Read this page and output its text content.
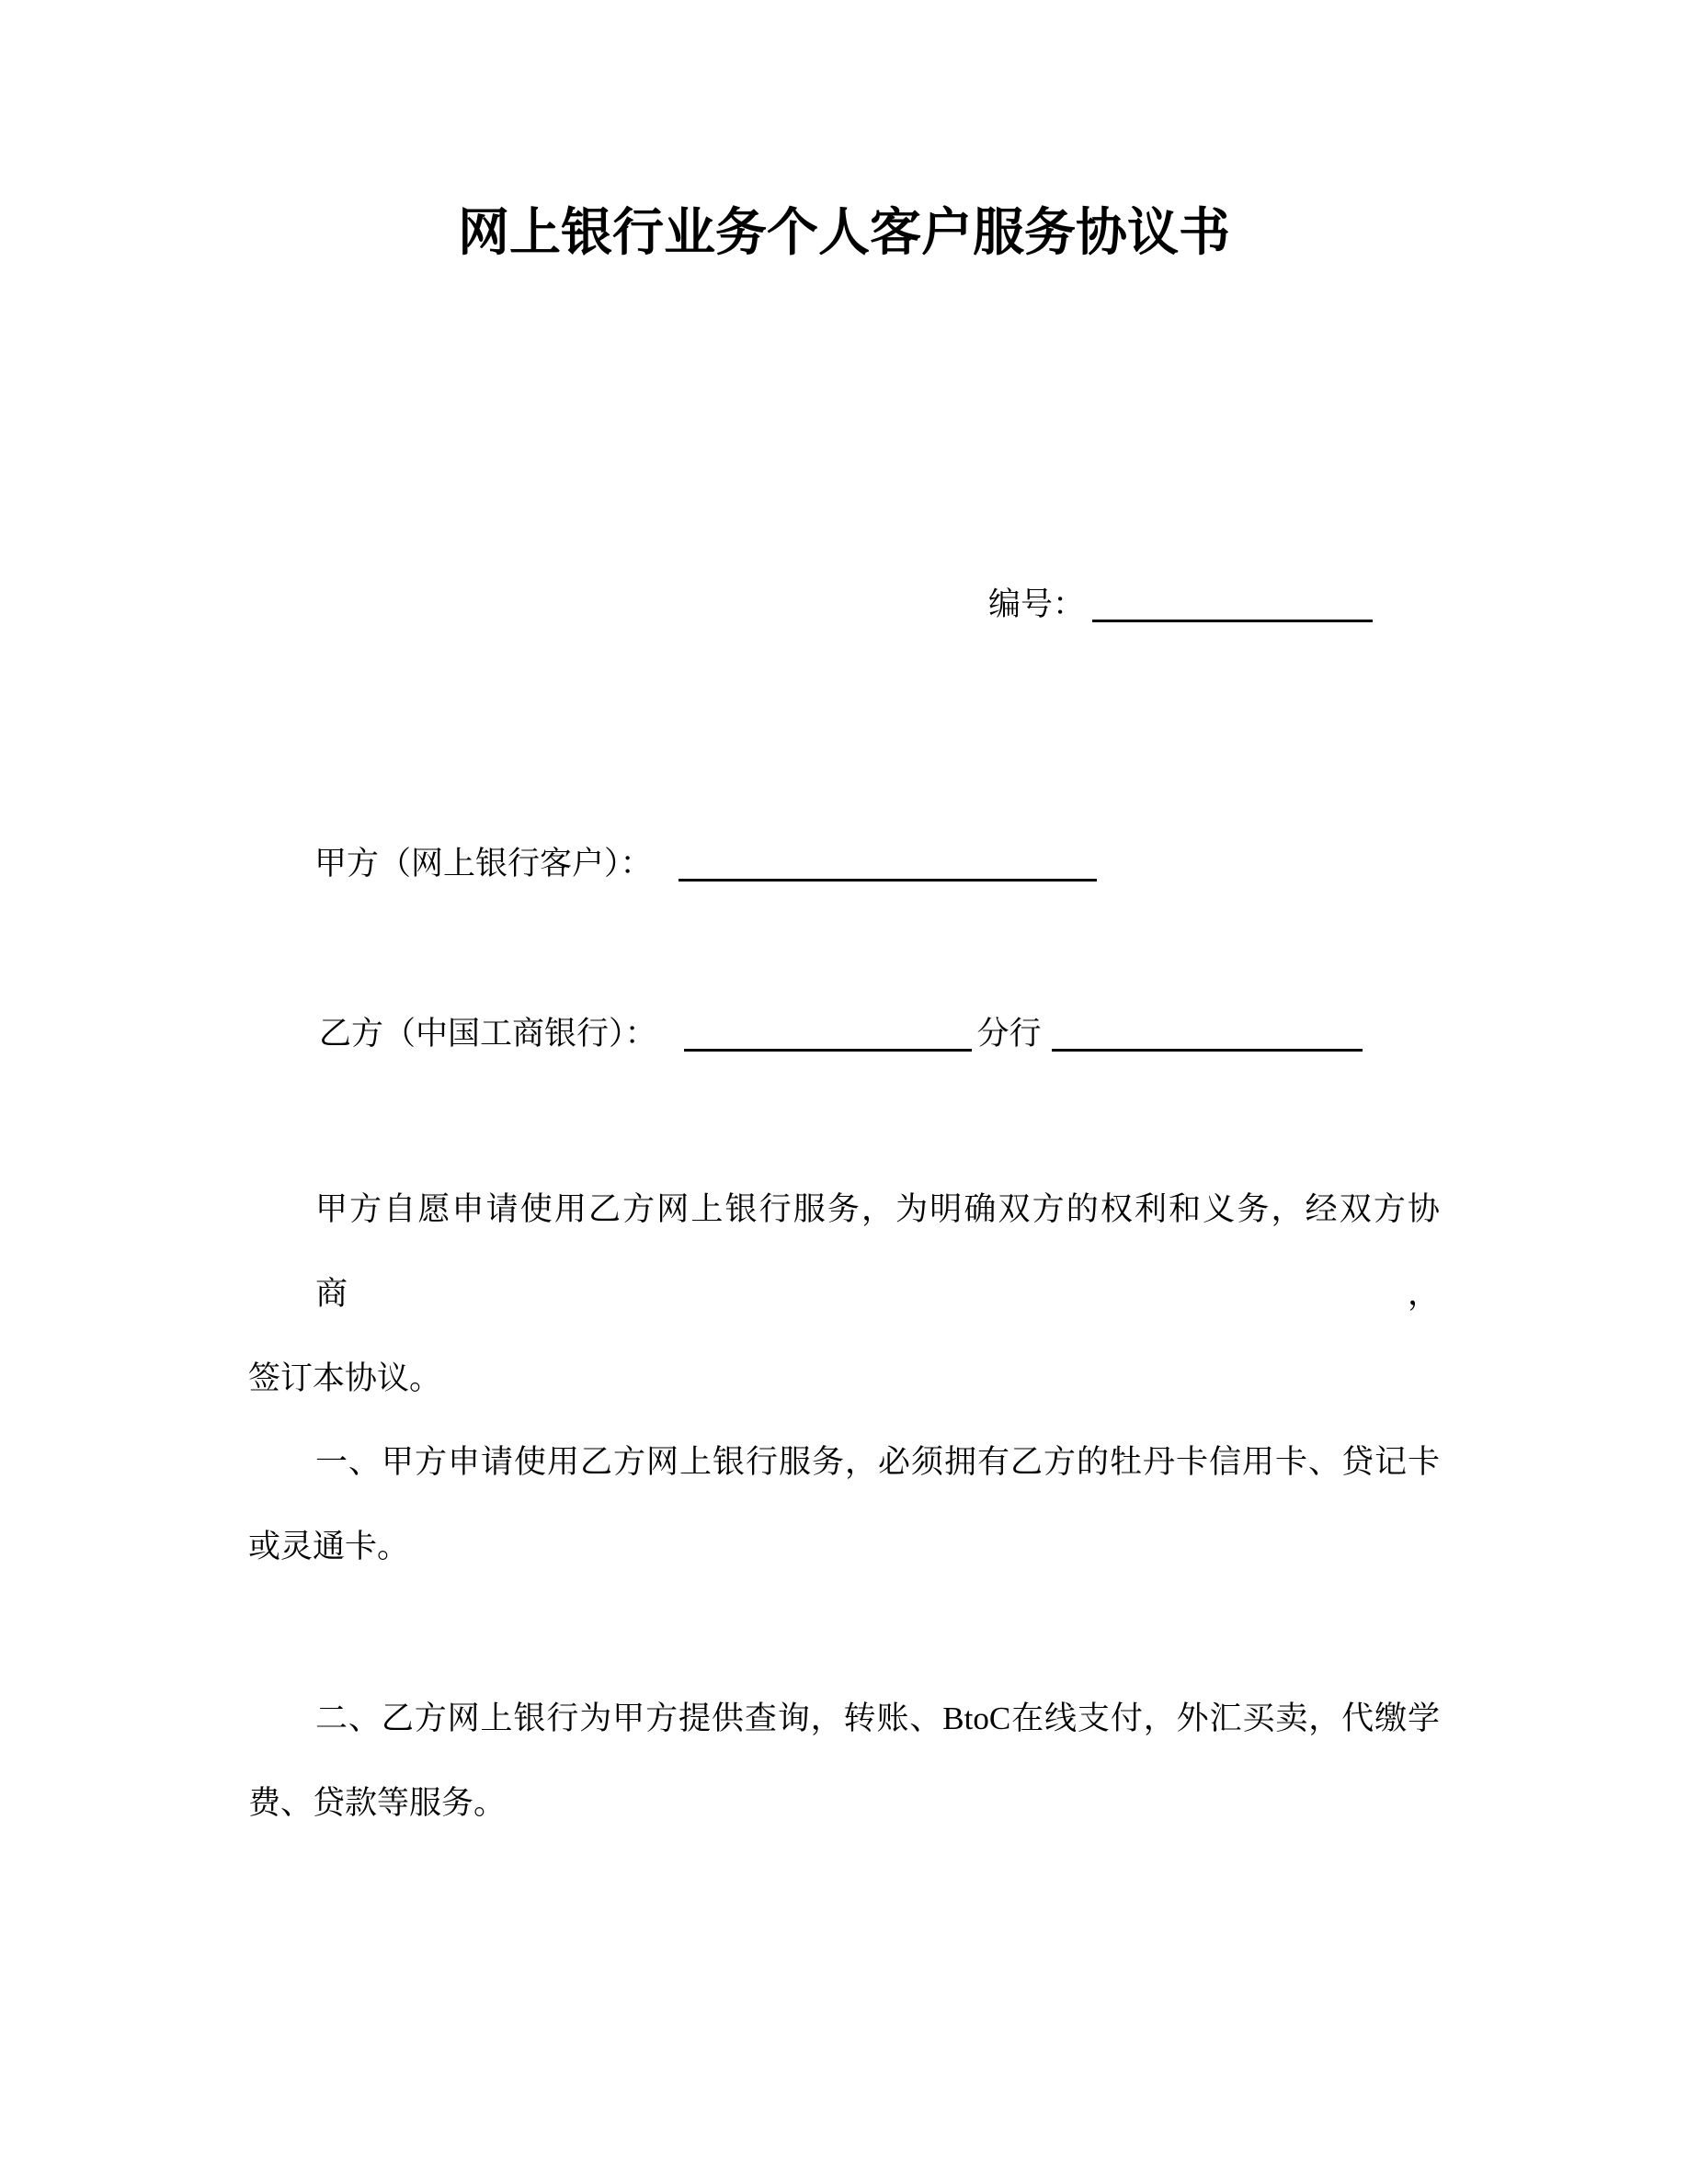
网上银行业务个人客户服务协议书
编号：
甲方（网上银行客户）：
乙方（中国工商银行）：	分行
甲方自愿申请使用乙方网上银行服务，为明确双方的权利和义务，经双方协商，
签订本协议。
一、甲方申请使用乙方网上银行服务，必须拥有乙方的牡丹卡信用卡、贷记卡
或灵通卡。
二、乙方网上银行为甲方提供查询，转账、BtoC在线支付，外汇买卖，代缴学
费、贷款等服务。
